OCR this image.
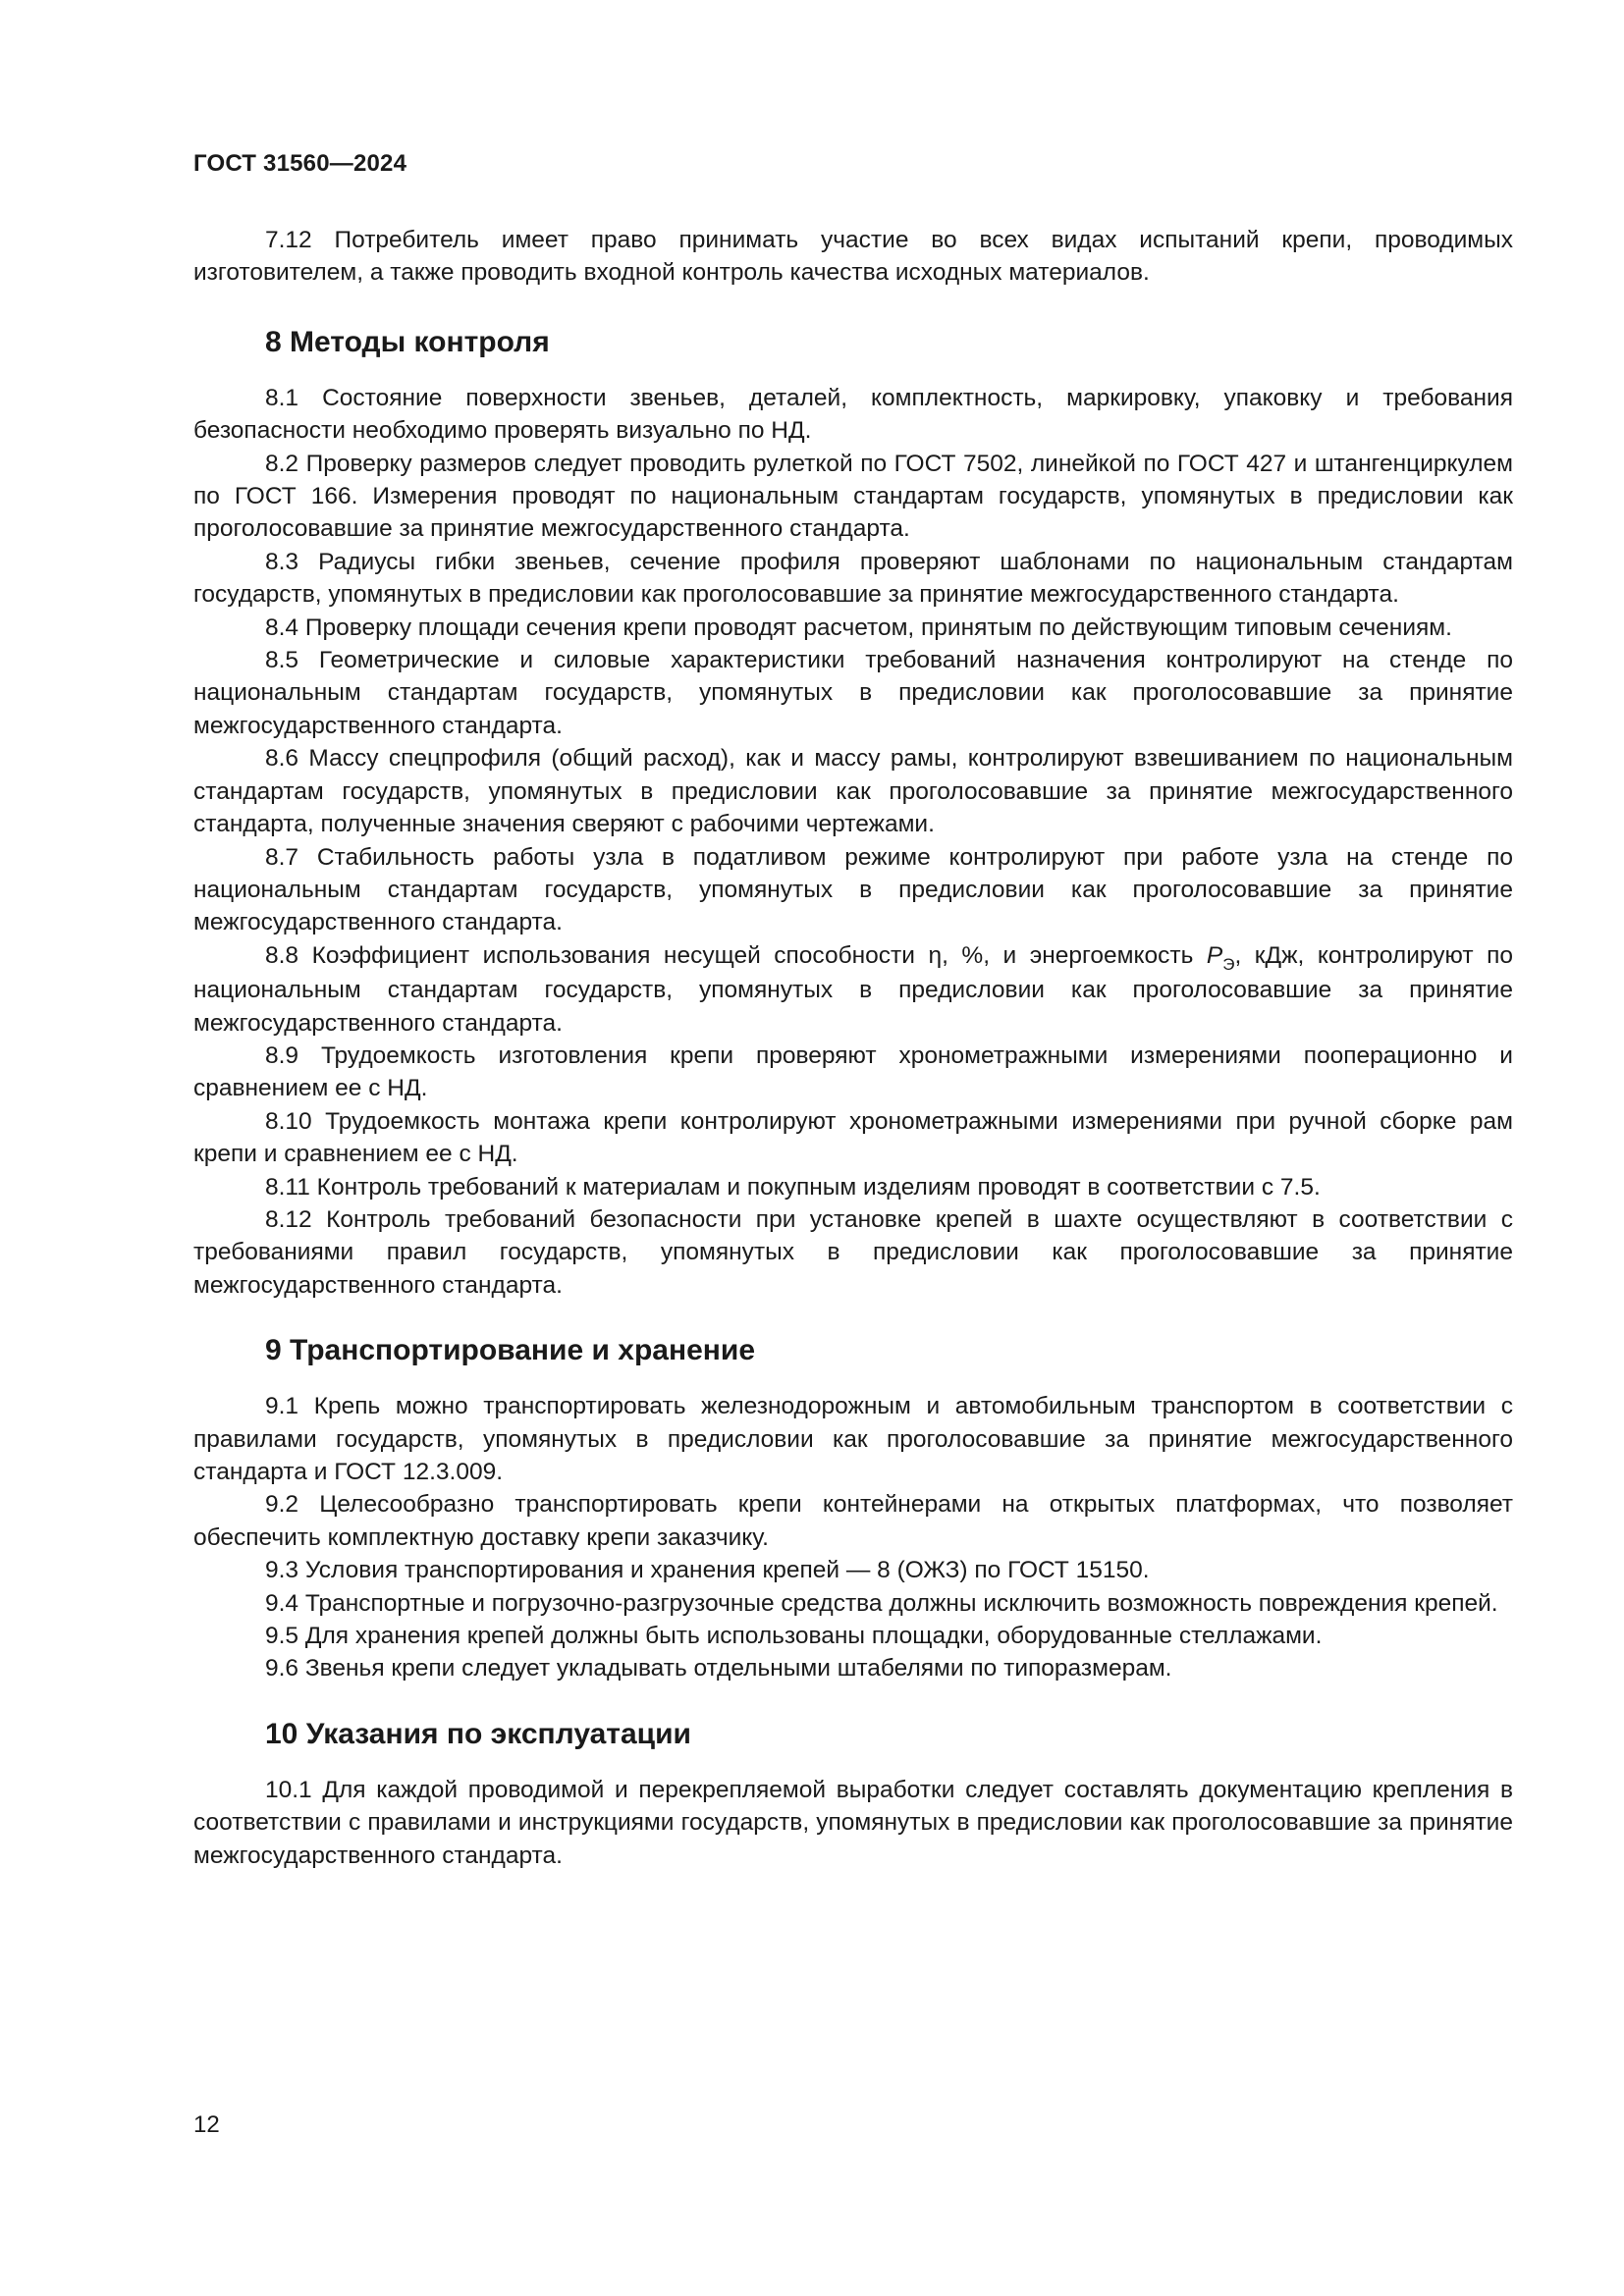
ГОСТ 31560—2024

7.12 Потребитель имеет право принимать участие во всех видах испытаний крепи, проводимых изготовителем, а также проводить входной контроль качества исходных материалов.

8 Методы контроля

8.1 Состояние поверхности звеньев, деталей, комплектность, маркировку, упаковку и требования безопасности необходимо проверять визуально по НД.

8.2 Проверку размеров следует проводить рулеткой по ГОСТ 7502, линейкой по ГОСТ 427 и штангенциркулем по ГОСТ 166. Измерения проводят по национальным стандартам государств, упомянутых в предисловии как проголосовавшие за принятие межгосударственного стандарта.

8.3 Радиусы гибки звеньев, сечение профиля проверяют шаблонами по национальным стандартам государств, упомянутых в предисловии как проголосовавшие за принятие межгосударственного стандарта.

8.4 Проверку площади сечения крепи проводят расчетом, принятым по действующим типовым сечениям.

8.5 Геометрические и силовые характеристики требований назначения контролируют на стенде по национальным стандартам государств, упомянутых в предисловии как проголосовавшие за принятие межгосударственного стандарта.

8.6 Массу спецпрофиля (общий расход), как и массу рамы, контролируют взвешиванием по национальным стандартам государств, упомянутых в предисловии как проголосовавшие за принятие межгосударственного стандарта, полученные значения сверяют с рабочими чертежами.

8.7 Стабильность работы узла в податливом режиме контролируют при работе узла на стенде по национальным стандартам государств, упомянутых в предисловии как проголосовавшие за принятие межгосударственного стандарта.

8.8 Коэффициент использования несущей способности η, %, и энергоемкость $P_Э$, кДж, контролируют по национальным стандартам государств, упомянутых в предисловии как проголосовавшие за принятие межгосударственного стандарта.

8.9 Трудоемкость изготовления крепи проверяют хронометражными измерениями пооперационно и сравнением ее с НД.

8.10 Трудоемкость монтажа крепи контролируют хронометражными измерениями при ручной сборке рам крепи и сравнением ее с НД.

8.11 Контроль требований к материалам и покупным изделиям проводят в соответствии с 7.5.

8.12 Контроль требований безопасности при установке крепей в шахте осуществляют в соответствии с требованиями правил государств, упомянутых в предисловии как проголосовавшие за принятие межгосударственного стандарта.

9 Транспортирование и хранение

9.1 Крепь можно транспортировать железнодорожным и автомобильным транспортом в соответствии с правилами государств, упомянутых в предисловии как проголосовавшие за принятие межгосударственного стандарта и ГОСТ 12.3.009.

9.2 Целесообразно транспортировать крепи контейнерами на открытых платформах, что позволяет обеспечить комплектную доставку крепи заказчику.

9.3 Условия транспортирования и хранения крепей — 8 (ОЖЗ) по ГОСТ 15150.

9.4 Транспортные и погрузочно-разгрузочные средства должны исключить возможность повреждения крепей.

9.5 Для хранения крепей должны быть использованы площадки, оборудованные стеллажами.

9.6 Звенья крепи следует укладывать отдельными штабелями по типоразмерам.

10 Указания по эксплуатации

10.1 Для каждой проводимой и перекрепляемой выработки следует составлять документацию крепления в соответствии с правилами и инструкциями государств, упомянутых в предисловии как проголосовавшие за принятие межгосударственного стандарта.

12
